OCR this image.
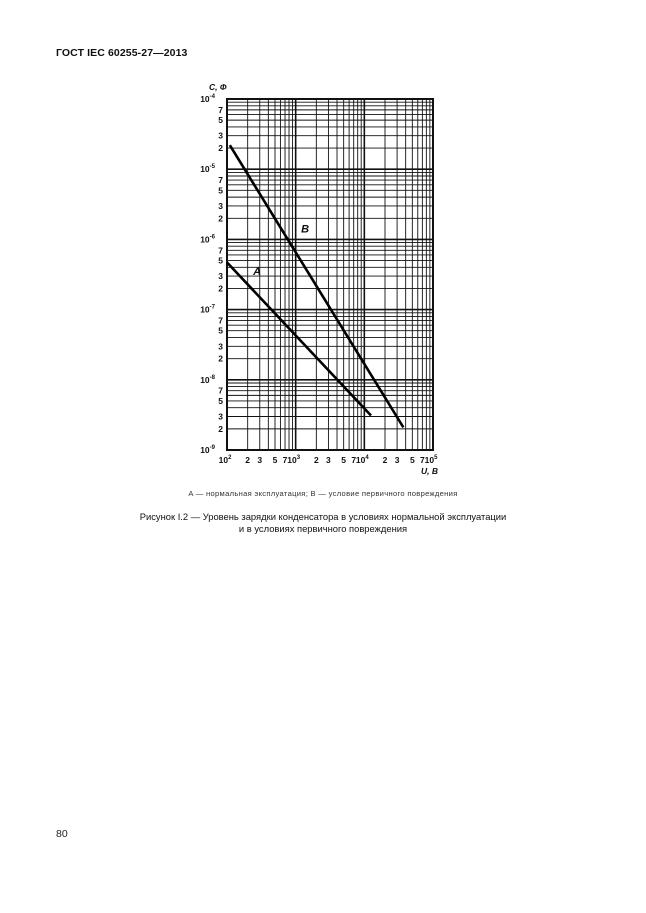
ГОСТ IEC 60255-27—2013
$10^2$ 2 3 5 7 $10^3$ 2 3 5 7 $10^4$ 2 3 5 7 $10^5$
$10^{-9}$
2
3
5
7
$10^{-8}$
2
3
5
7
$10^{-7}$
2
3
5
7
$10^{-6}$
2
3
5
7
$10^{-5}$
2
3
5
7
$10^{-4}$
A
B
C, Ф
U, В
A — нормальная эксплуатация; B — условие первичного повреждения
Рисунок I.2 — Уровень зарядки конденсатора в условиях нормальной эксплуатации
и в условиях первичного повреждения
80
